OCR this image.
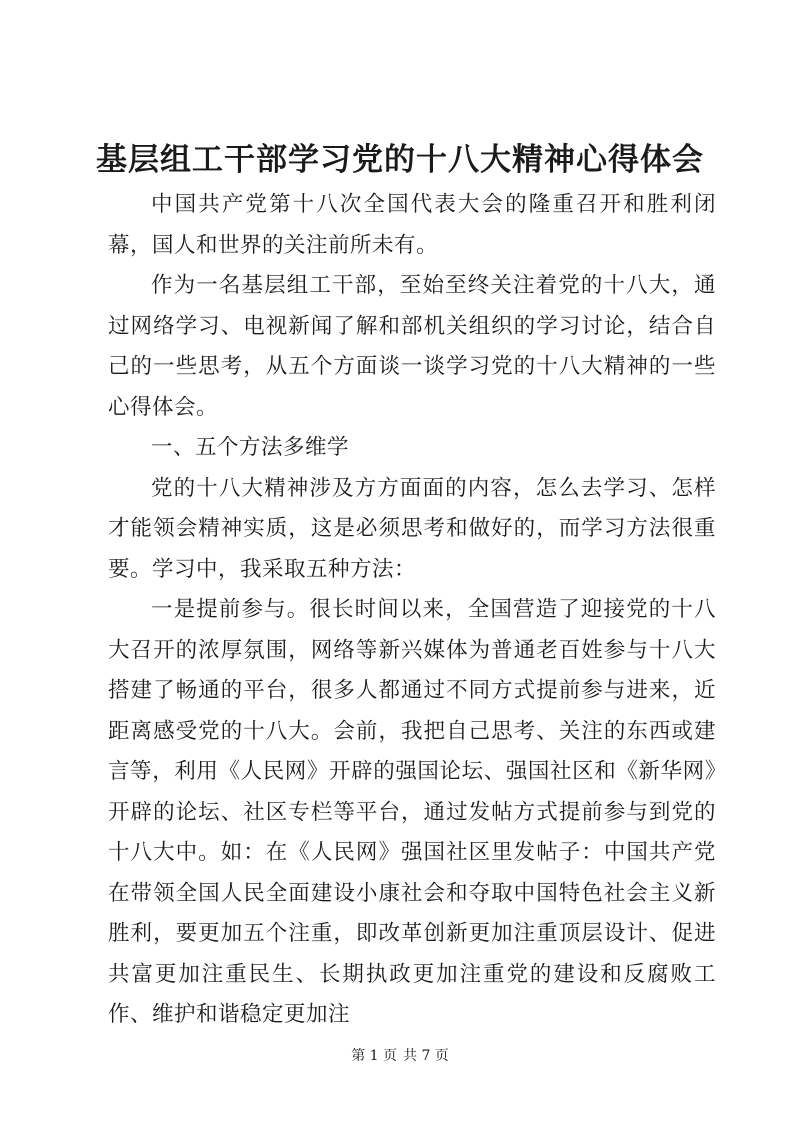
基层组工干部学习党的十八大精神心得体会

中国共产党第十八次全国代表大会的隆重召开和胜利闭幕，国人和世界的关注前所未有。

作为一名基层组工干部，至始至终关注着党的十八大，通过网络学习、电视新闻了解和部机关组织的学习讨论，结合自己的一些思考，从五个方面谈一谈学习党的十八大精神的一些心得体会。

一、五个方法多维学

党的十八大精神涉及方方面面的内容，怎么去学习、怎样才能领会精神实质，这是必须思考和做好的，而学习方法很重要。学习中，我采取五种方法：

一是提前参与。很长时间以来，全国营造了迎接党的十八大召开的浓厚氛围，网络等新兴媒体为普通老百姓参与十八大搭建了畅通的平台，很多人都通过不同方式提前参与进来，近距离感受党的十八大。会前，我把自己思考、关注的东西或建言等，利用《人民网》开辟的强国论坛、强国社区和《新华网》开辟的论坛、社区专栏等平台，通过发帖方式提前参与到党的十八大中。如：在《人民网》强国社区里发帖子：中国共产党在带领全国人民全面建设小康社会和夺取中国特色社会主义新胜利，要更加五个注重，即改革创新更加注重顶层设计、促进共富更加注重民生、长期执政更加注重党的建设和反腐败工作、维护和谐稳定更加注

第 1 页 共 7 页
